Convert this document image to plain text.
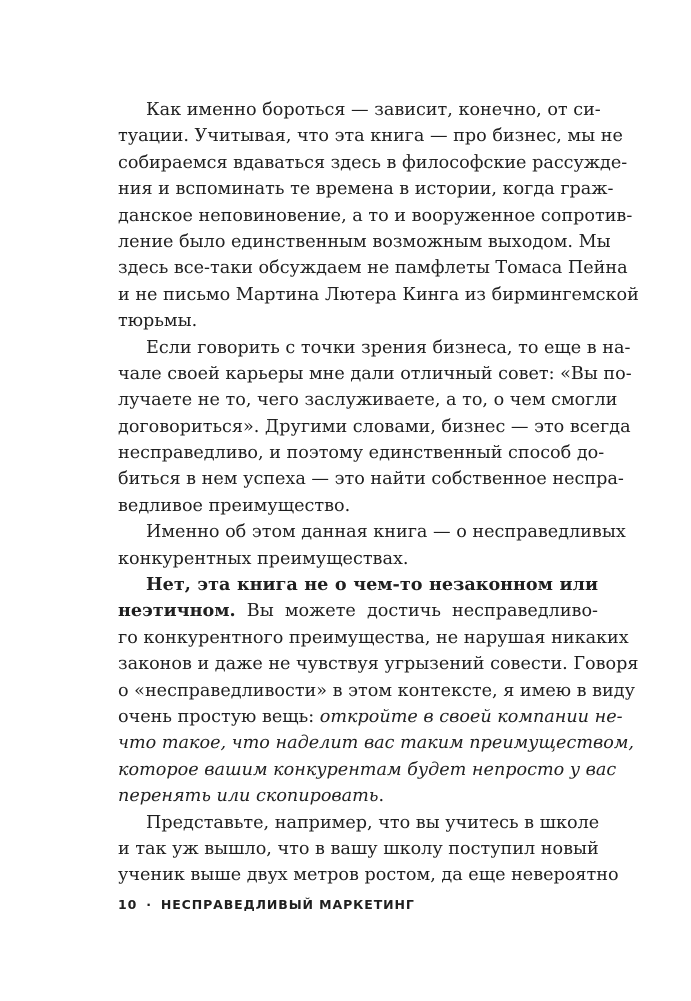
Как именно бороться — зависит, конечно, от си-
туации. Учитывая, что эта книга — про бизнес, мы не
собираемся вдаваться здесь в философские рассужде-
ния и вспоминать те времена в истории, когда граж-
данское неповиновение, а то и вооруженное сопротив-
ление было единственным возможным выходом. Мы
здесь все-таки обсуждаем не памфлеты Томаса Пейна
и не письмо Мартина Лютера Кинга из бирмингемской
тюрьмы.
Если говорить с точки зрения бизнеса, то еще в на-
чале своей карьеры мне дали отличный совет: «Вы по-
лучаете не то, чего заслуживаете, а то, о чем смогли
договориться». Другими словами, бизнес — это всегда
несправедливо, и поэтому единственный способ до-
биться в нем успеха — это найти собственное неспра-
ведливое преимущество.
Именно об этом данная книга — о несправедливых
конкурентных преимуществах.
Нет, эта книга не о чем-то незаконном или
неэтичном. Вы можете достичь несправедливо-
го конкурентного преимущества, не нарушая никаких
законов и даже не чувствуя угрызений совести. Говоря
о «несправедливости» в этом контексте, я имею в виду
очень простую вещь: откройте в своей компании не-
что такое, что наделит вас таким преимуществом,
которое вашим конкурентам будет непросто у вас
перенять или скопировать.
Представьте, например, что вы учитесь в школе
и так уж вышло, что в вашу школу поступил новый
ученик выше двух метров ростом, да еще невероятно
10 · НЕСПРАВЕДЛИВЫЙ МАРКЕТИНГ
